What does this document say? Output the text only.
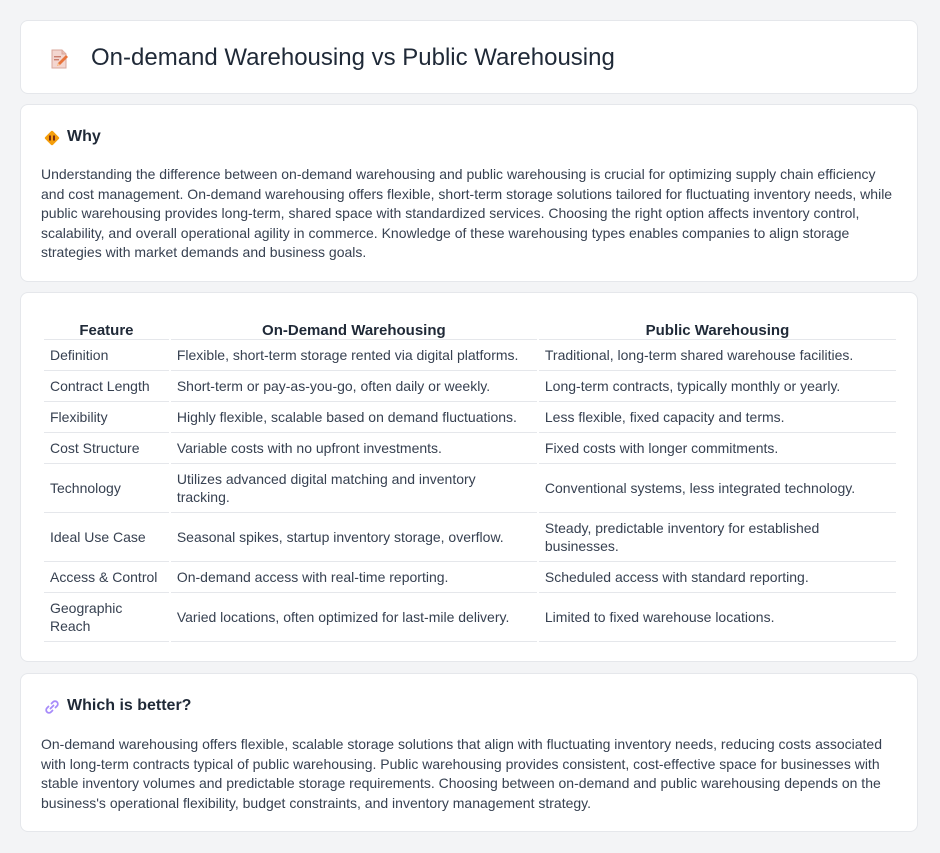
On-demand Warehousing vs Public Warehousing
Why

Understanding the difference between on-demand warehousing and public warehousing is crucial for optimizing supply chain efficiency and cost management. On-demand warehousing offers flexible, short-term storage solutions tailored for fluctuating inventory needs, while public warehousing provides long-term, shared space with standardized services. Choosing the right option affects inventory control, scalability, and overall operational agility in commerce. Knowledge of these warehousing types enables companies to align storage strategies with market demands and business goals.

Feature	On-Demand Warehousing	Public Warehousing
Definition	Flexible, short-term storage rented via digital platforms.	Traditional, long-term shared warehouse facilities.
Contract Length	Short-term or pay-as-you-go, often daily or weekly.	Long-term contracts, typically monthly or yearly.
Flexibility	Highly flexible, scalable based on demand fluctuations.	Less flexible, fixed capacity and terms.
Cost Structure	Variable costs with no upfront investments.	Fixed costs with longer commitments.
Technology	Utilizes advanced digital matching and inventory tracking.	Conventional systems, less integrated technology.
Ideal Use Case	Seasonal spikes, startup inventory storage, overflow.	Steady, predictable inventory for established businesses.
Access & Control	On-demand access with real-time reporting.	Scheduled access with standard reporting.
Geographic Reach	Varied locations, often optimized for last-mile delivery.	Limited to fixed warehouse locations.
Which is better?

On-demand warehousing offers flexible, scalable storage solutions that align with fluctuating inventory needs, reducing costs associated with long-term contracts typical of public warehousing. Public warehousing provides consistent, cost-effective space for businesses with stable inventory volumes and predictable storage requirements. Choosing between on-demand and public warehousing depends on the business's operational flexibility, budget constraints, and inventory management strategy.
